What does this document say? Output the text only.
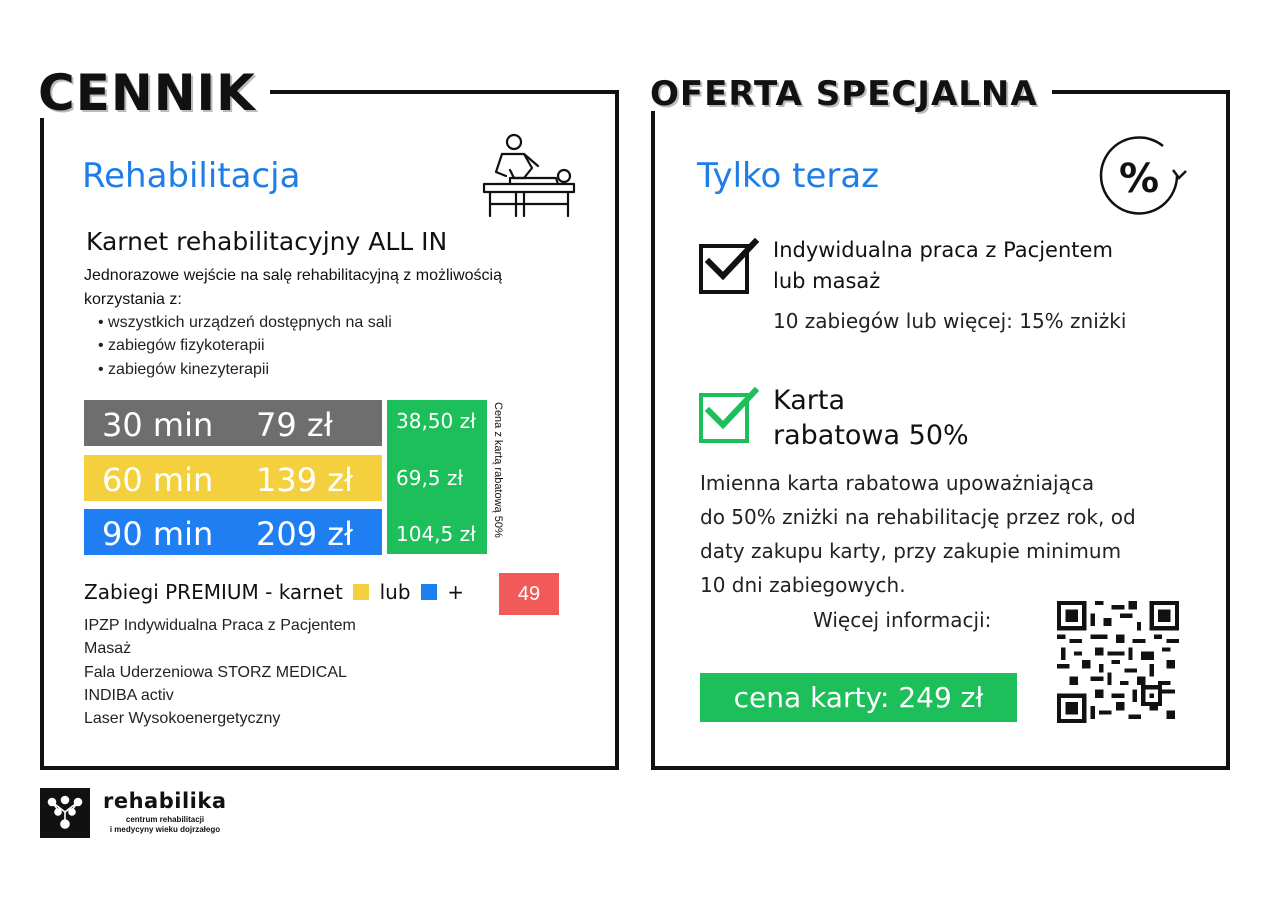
CENNIK
Rehabilitacja
Karnet rehabilitacyjny ALL IN
Jednorazowe wejście na salę rehabilitacyjną z możliwością
korzystania z:
• wszystkich urządzeń dostępnych na sali
• zabiegów fizykoterapii
• zabiegów kinezyterapii
30 min 79 zł
60 min 139 zł
90 min 209 zł
38,50 zł
69,5 zł
104,5 zł Cena z kartą rabatową 50%
Zabiegi PREMIUM - karnet lub +	49
IPZP Indywidualna Praca z Pacjentem
Masaż
Fala Uderzeniowa STORZ MEDICAL
INDIBA activ
Laser Wysokoenergetyczny
OFERTA SPECJALNA
Tylko teraz	%
Indywidualna praca z Pacjentem
lub masaż
10 zabiegów lub więcej: 15% zniżki
Karta
rabatowa 50%
Imienna karta rabatowa upoważniająca
do 50% zniżki na rehabilitację przez rok, od
daty zakupu karty, przy zakupie minimum
10 dni zabiegowych.
Więcej informacji:
cena karty: 249 zł
rehabilika
centrum rehabilitacji
i medycyny wieku dojrzałego
